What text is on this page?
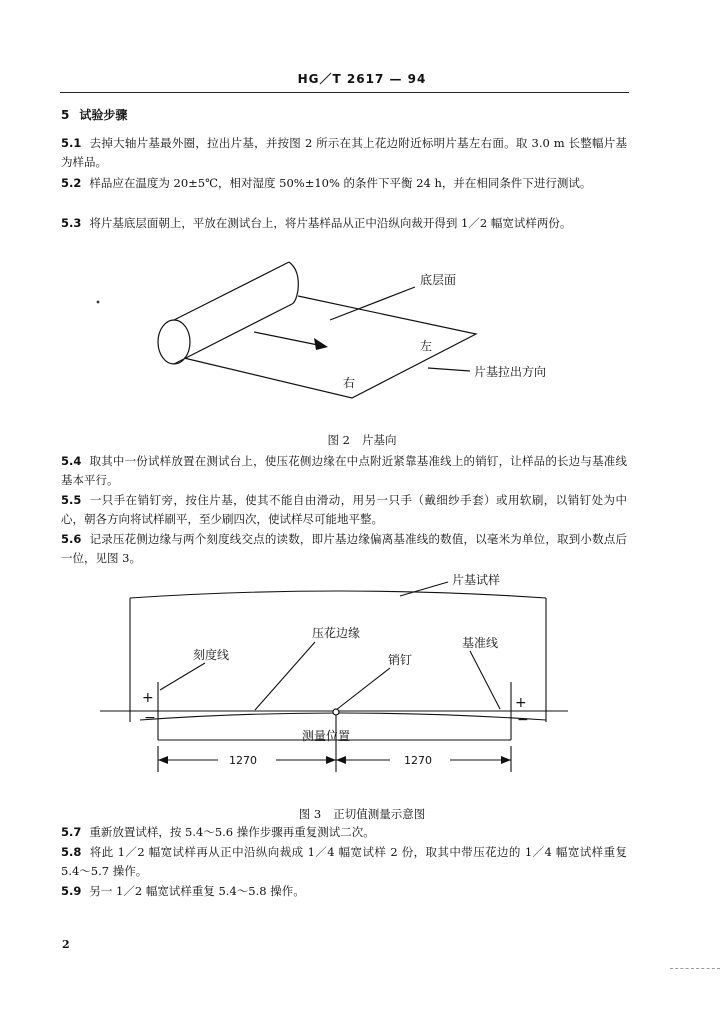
HG／T 2617 — 94
5 试验步骤
5.1 去掉大轴片基最外圈，拉出片基，并按图 2 所示在其上花边附近标明片基左右面。取 3.0 m 长整幅片基为样品。
5.2 样品应在温度为 20±5℃，相对湿度 50%±10% 的条件下平衡 24 h，并在相同条件下进行测试。
5.3 将片基底层面朝上，平放在测试台上，将片基样品从正中沿纵向裁开得到 1／2 幅宽试样两份。
底层面
左
右
片基拉出方向
图 2 片基向
5.4 取其中一份试样放置在测试台上，使压花侧边缘在中点附近紧靠基准线上的销钉，让样品的长边与基准线基本平行。
5.5 一只手在销钉旁，按住片基，使其不能自由滑动，用另一只手（戴细纱手套）或用软刷，以销钉处为中心，朝各方向将试样刷平，至少刷四次，使试样尽可能地平整。
5.6 记录压花侧边缘与两个刻度线交点的读数，即片基边缘偏离基准线的数值，以毫米为单位，取到小数点后一位，见图 3。
片基试样
压花边缘
刻度线	销钉
基准线
测量位置
+
−
+
−
1270	1270
图 3 正切值测量示意图
5.7 重新放置试样，按 5.4～5.6 操作步骤再重复测试二次。
5.8 将此 1／2 幅宽试样再从正中沿纵向裁成 1／4 幅宽试样 2 份，取其中带压花边的 1／4 幅宽试样重复 5.4～5.7 操作。
5.9 另一 1／2 幅宽试样重复 5.4～5.8 操作。
2
